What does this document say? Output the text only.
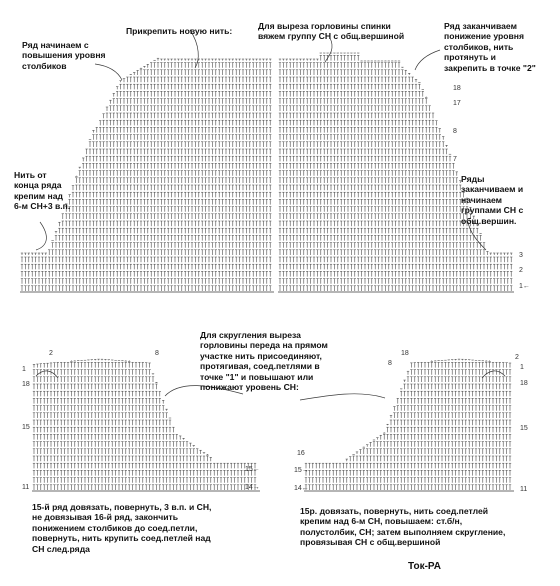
Прикрепить новую нить:	Для выреза горловины спинки
вяжем группу СН с общ.вершиной
Ряд начинаем с
повышения уровня
столбиков
Ряд заканчиваем
понижение уровня
столбиков, нить
протянуть и
закрепить в точке "2"
Нить от
конца ряда
крепим над
6-м СН+3 в.п.
Ряды
заканчиваем и
начинаем
группами СН с
общ.вершин.
Для скругления выреза
горловины переда на прямом
участке нить присоединяют,
протягивая, соед.петлями в
точке "1" и повышают или
понижают уровень СН:
15-й ряд довязать, повернуть, 3 в.п. и СН,
не довязывая 16-й ряд, закончить
понижением столбиков до соед.петли,
повернуть, нить крупить соед.петлей над
СН след.ряда
15р. довязать, повернуть, нить соед.петлей
крепим над 6-м СН, повышаем: ст.б/н,
полустолбик, СН; затем выполняем скругление,
провязывая СН с общ.вершиной
Ток-РА
18
17
8
7
3
2
1←
1
18
15
11
2	8
15←
14→
18
8
2
1
18
15
11
16
15→
14←
